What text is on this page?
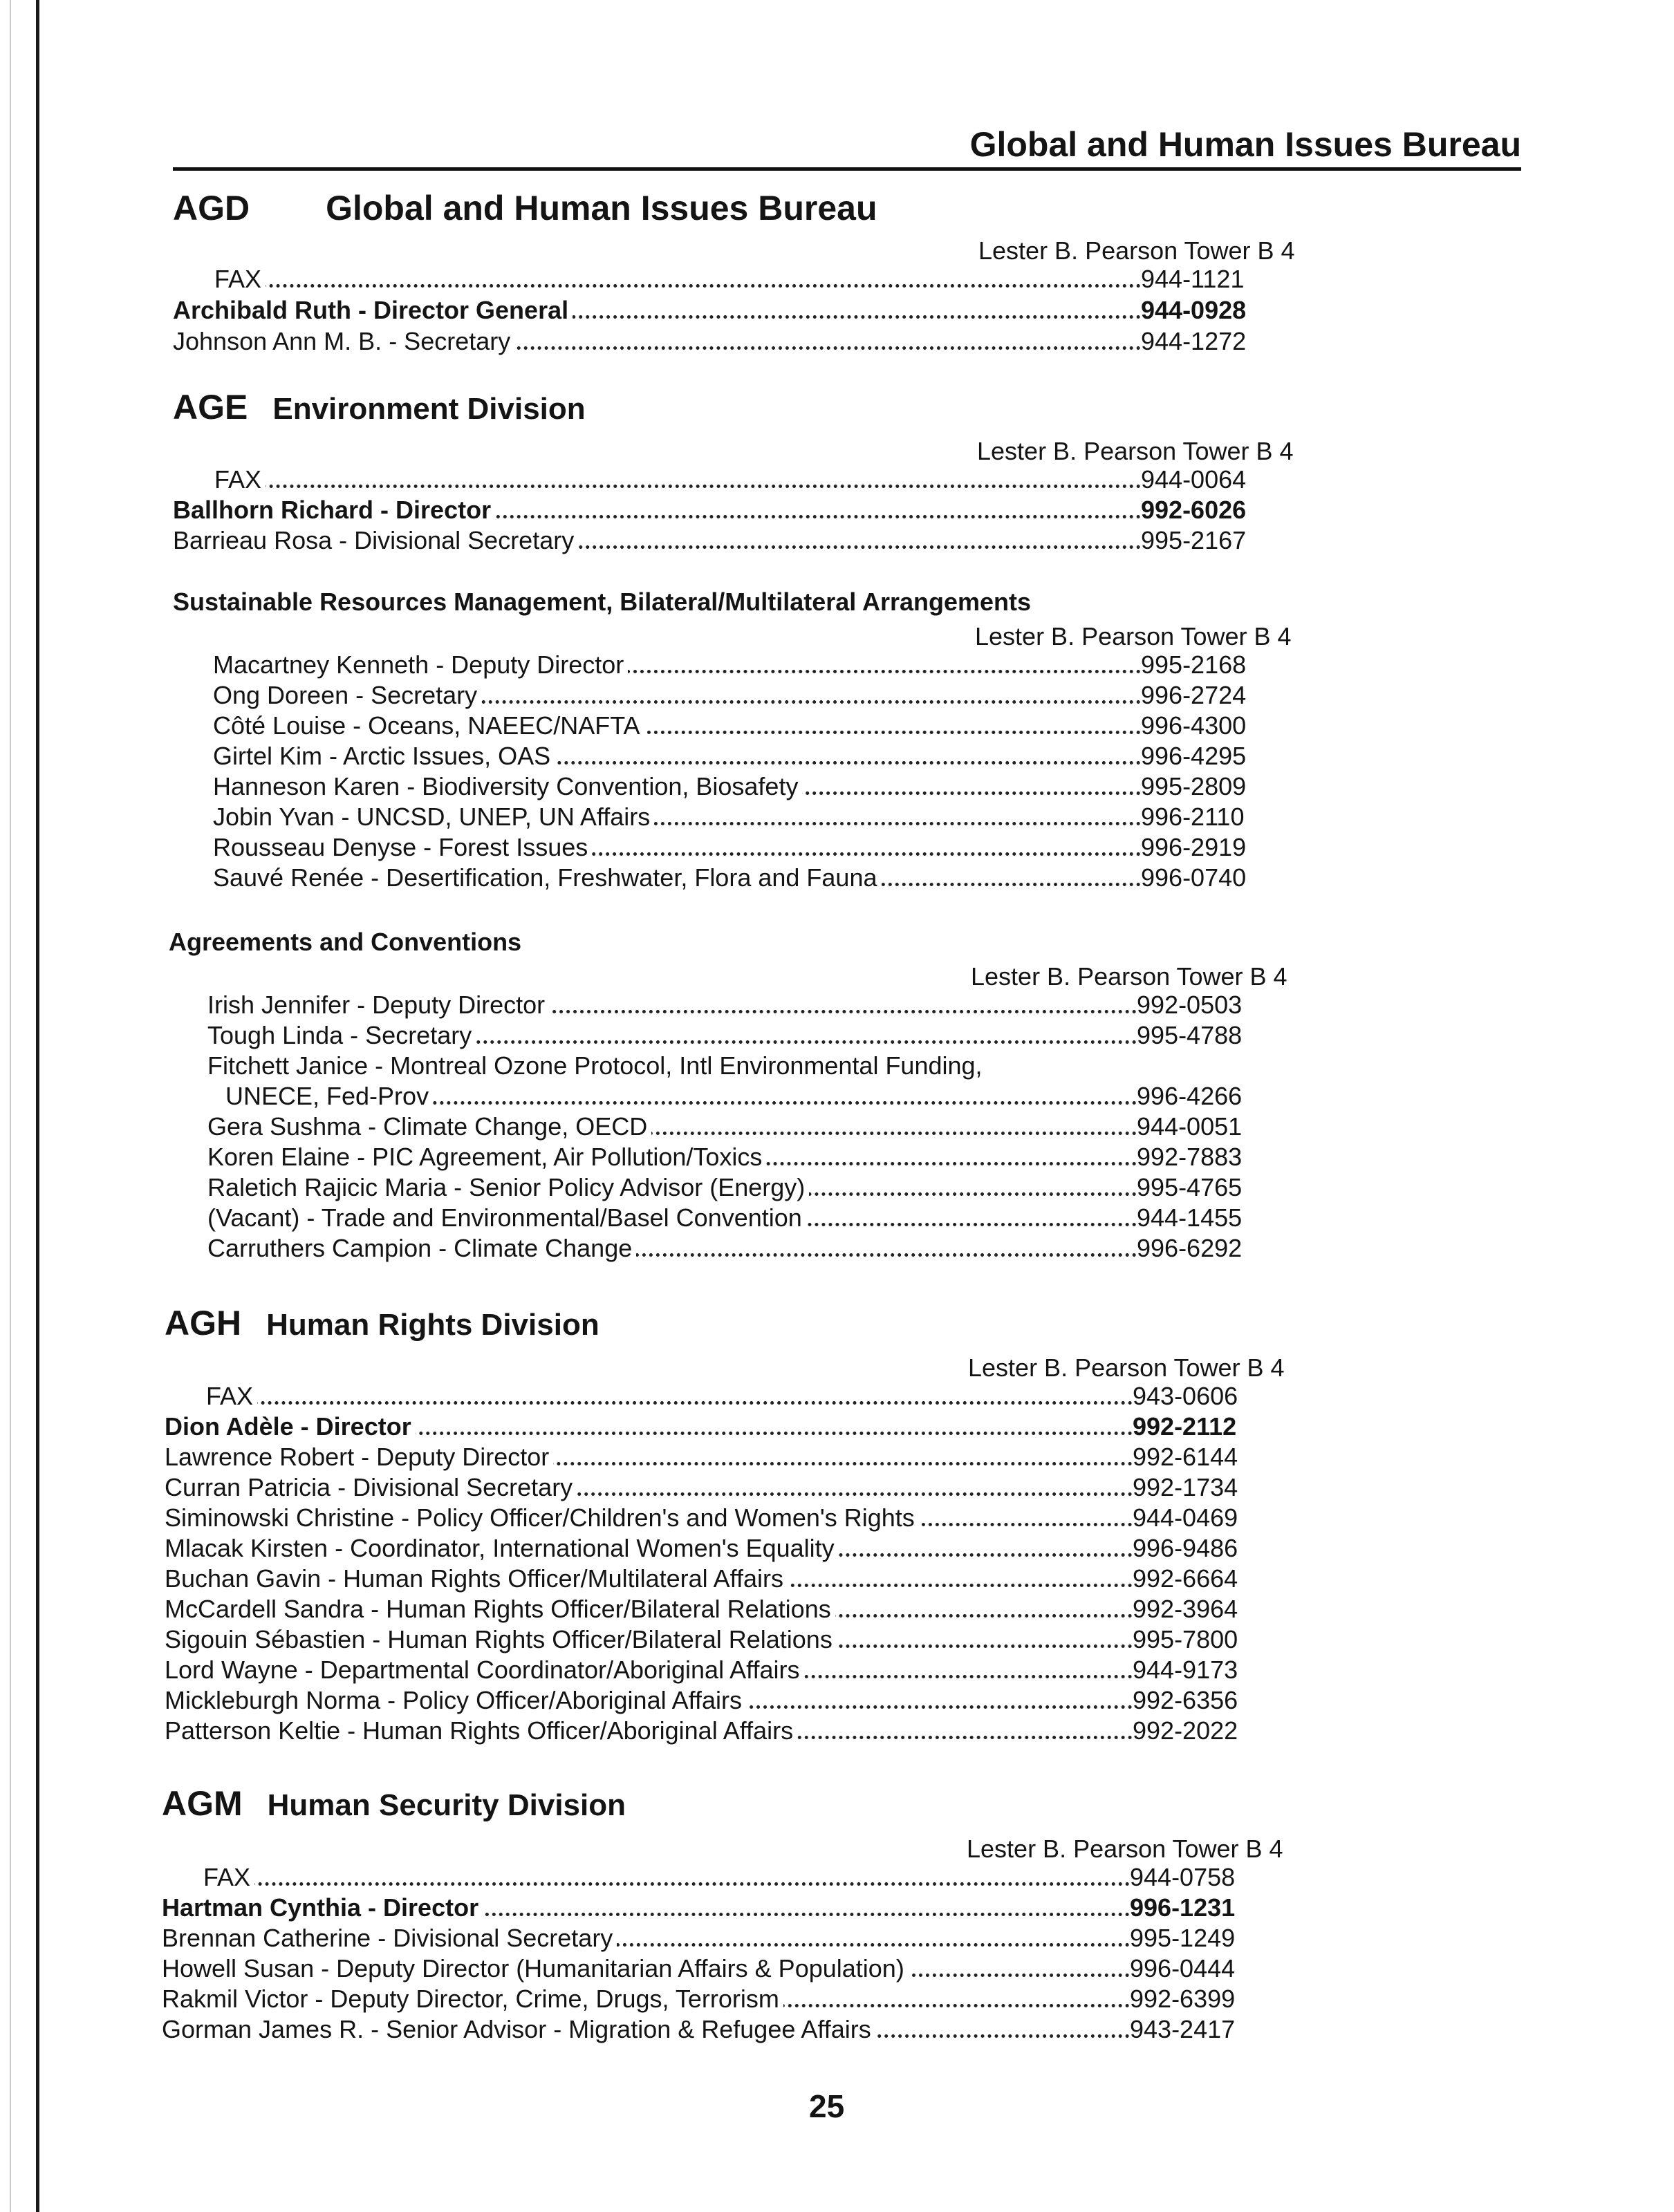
Global and Human Issues Bureau
AGD Global and Human Issues Bureau
Lester B. Pearson Tower B 4
FAX	944-1121
Archibald Ruth - Director General	944-0928
Johnson Ann M. B. - Secretary	944-1272
AGE Environment Division
Lester B. Pearson Tower B 4
FAX	944-0064
Ballhorn Richard - Director	992-6026
Barrieau Rosa - Divisional Secretary	995-2167
Sustainable Resources Management, Bilateral/Multilateral Arrangements
Lester B. Pearson Tower B 4
Macartney Kenneth - Deputy Director	995-2168
Ong Doreen - Secretary	996-2724
Côté Louise - Oceans, NAEEC/NAFTA	996-4300
Girtel Kim - Arctic Issues, OAS	996-4295
Hanneson Karen - Biodiversity Convention, Biosafety	995-2809
Jobin Yvan - UNCSD, UNEP, UN Affairs	996-2110
Rousseau Denyse - Forest Issues	996-2919
Sauvé Renée - Desertification, Freshwater, Flora and Fauna	996-0740
Agreements and Conventions
Lester B. Pearson Tower B 4
Irish Jennifer - Deputy Director	992-0503
Tough Linda - Secretary	995-4788
Fitchett Janice - Montreal Ozone Protocol, Intl Environmental Funding,
UNECE, Fed-Prov	996-4266
Gera Sushma - Climate Change, OECD	944-0051
Koren Elaine - PIC Agreement, Air Pollution/Toxics	992-7883
Raletich Rajicic Maria - Senior Policy Advisor (Energy)	995-4765
(Vacant) - Trade and Environmental/Basel Convention	944-1455
Carruthers Campion - Climate Change	996-6292
AGH Human Rights Division
Lester B. Pearson Tower B 4
FAX	943-0606
Dion Adèle - Director	992-2112
Lawrence Robert - Deputy Director	992-6144
Curran Patricia - Divisional Secretary	992-1734
Siminowski Christine - Policy Officer/Children's and Women's Rights	944-0469
Mlacak Kirsten - Coordinator, International Women's Equality	996-9486
Buchan Gavin - Human Rights Officer/Multilateral Affairs	992-6664
McCardell Sandra - Human Rights Officer/Bilateral Relations	992-3964
Sigouin Sébastien - Human Rights Officer/Bilateral Relations	995-7800
Lord Wayne - Departmental Coordinator/Aboriginal Affairs	944-9173
Mickleburgh Norma - Policy Officer/Aboriginal Affairs	992-6356
Patterson Keltie - Human Rights Officer/Aboriginal Affairs	992-2022
AGM Human Security Division
Lester B. Pearson Tower B 4
FAX	944-0758
Hartman Cynthia - Director	996-1231
Brennan Catherine - Divisional Secretary	995-1249
Howell Susan - Deputy Director (Humanitarian Affairs & Population)	996-0444
Rakmil Victor - Deputy Director, Crime, Drugs, Terrorism	992-6399
Gorman James R. - Senior Advisor - Migration & Refugee Affairs	943-2417
25
